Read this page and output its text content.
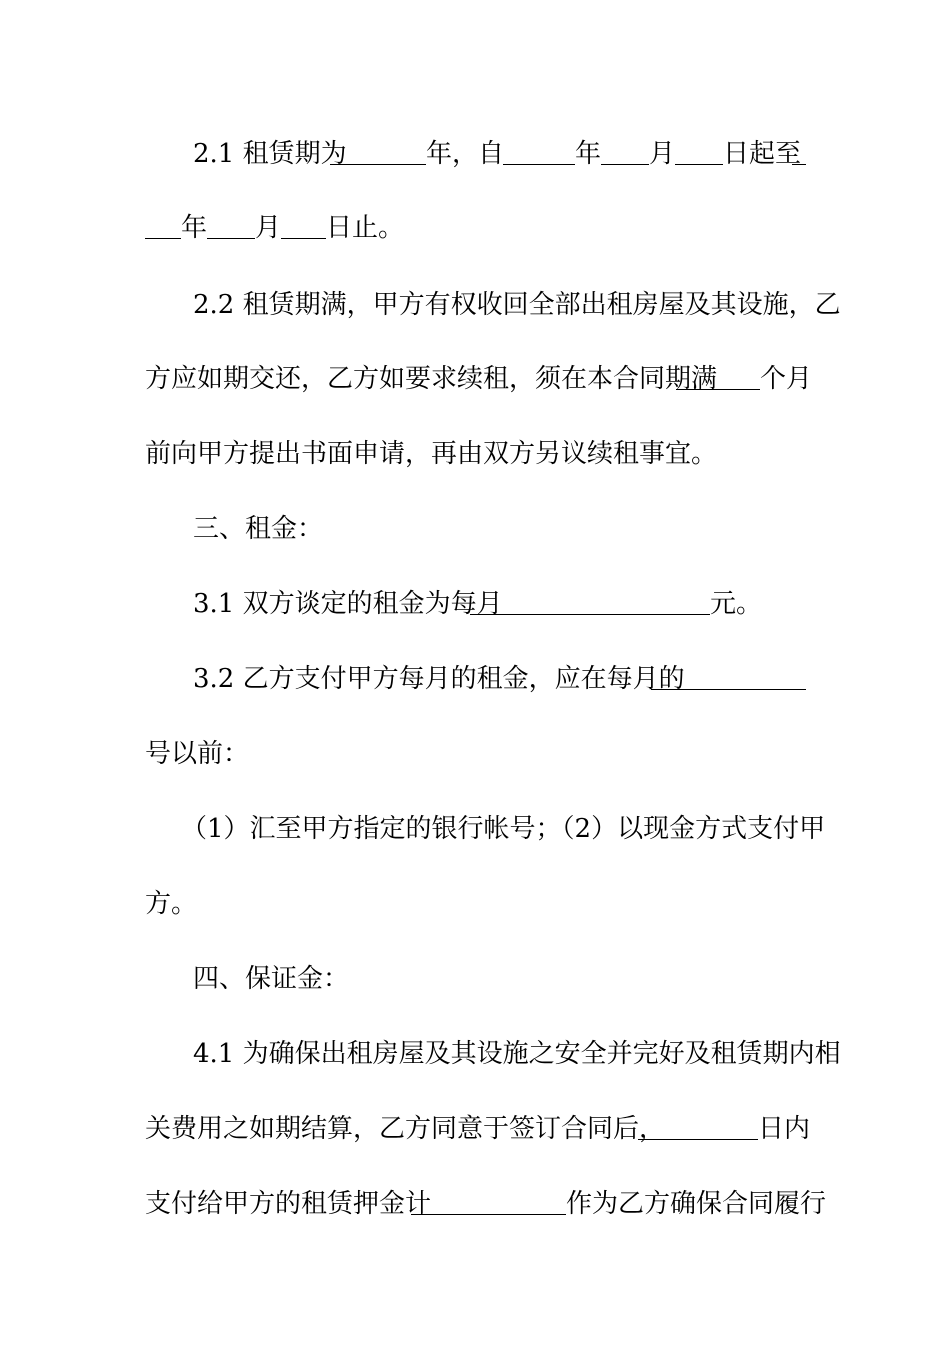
2.1 租赁期为

	年，自

	年

月

日起至

年

月

日止。

2.2 租赁期满，甲方有权收回全部出租房屋及其设施，乙

方应如期交还，乙方如要求续租，须在本合同期满

个月

前向甲方提出书面申请，再由双方另议续租事宜。

三、租金：

3.1 双方谈定的租金为每月

	元。

3.2 乙方支付甲方每月的租金，应在每月的

号以前：

（1）汇至甲方指定的银行帐号；（2）以现金方式支付甲

方。

四、保证金：

4.1 为确保出租房屋及其设施之安全并完好及租赁期内相

关费用之如期结算，乙方同意于签订合同后，

	日内

支付给甲方的租赁押金计

	作为乙方确保合同履行
